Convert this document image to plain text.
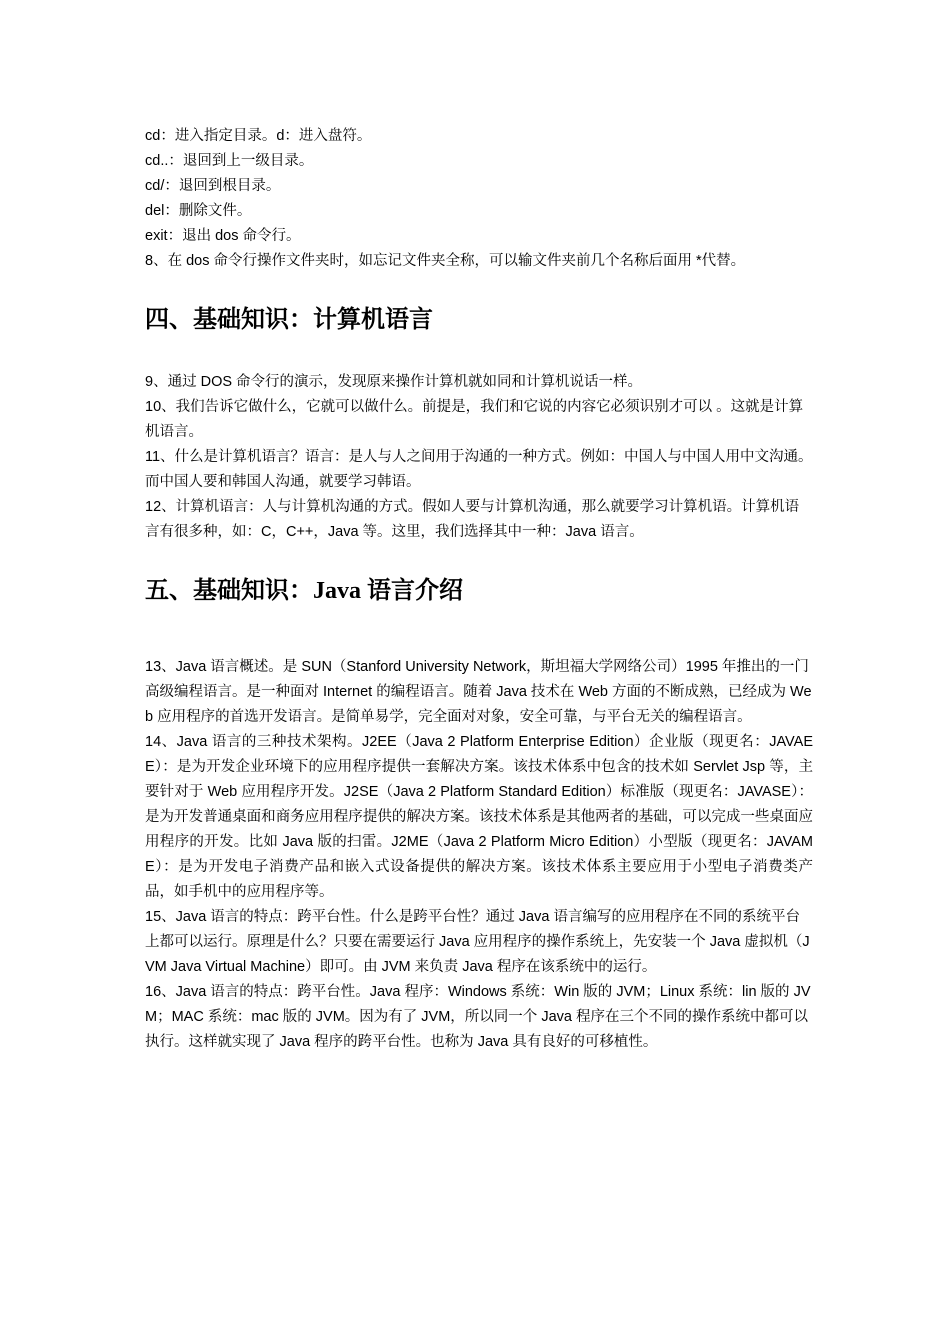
cd：进入指定目录。d：进入盘符。

cd..：退回到上一级目录。

cd/：退回到根目录。

del：删除文件。

exit：退出 dos 命令行。

8、在 dos 命令行操作文件夹时，如忘记文件夹全称，可以输文件夹前几个名称后面用 *代替。

四、基础知识：计算机语言

9、通过 DOS 命令行的演示，发现原来操作计算机就如同和计算机说话一样。

10、我们告诉它做什么，它就可以做什么。前提是，我们和它说的内容它必须识别才可以 。这就是计算机语言。

11、什么是计算机语言？语言：是人与人之间用于沟通的一种方式。例如：中国人与中国人用中文沟通。而中国人要和韩国人沟通，就要学习韩语。

12、计算机语言：人与计算机沟通的方式。假如人要与计算机沟通，那么就要学习计算机语。计算机语言有很多种，如：C，C++，Java 等。这里，我们选择其中一种：Java 语言。

五、基础知识：Java 语言介绍

13、Java 语言概述。是 SUN（Stanford University Network，斯坦福大学网络公司）1995 年推出的一门高级编程语言。是一种面对 Internet 的编程语言。随着 Java 技术在 Web 方面的不断成熟，已经成为 Web 应用程序的首选开发语言。是简单易学，完全面对对象，安全可靠，与平台无关的编程语言。

14、Java 语言的三种技术架构。J2EE（Java 2 Platform Enterprise Edition）企业版（现更名：JAVAEE）：是为开发企业环境下的应用程序提供一套解决方案。该技术体系中包含的技术如 Servlet Jsp 等，主要针对于 Web 应用程序开发。J2SE（Java 2 Platform Standard Edition）标准版（现更名：JAVASE）：是为开发普通桌面和商务应用程序提供的解决方案。该技术体系是其他两者的基础，可以完成一些桌面应用程序的开发。比如 Java 版的扫雷。J2ME（Java 2 Platform Micro Edition）小型版（现更名：JAVAME）：是为开发电子消费产品和嵌入式设备提供的解决方案。该技术体系主要应用于小型电子消费类产品，如手机中的应用程序等。

15、Java 语言的特点：跨平台性。什么是跨平台性？通过 Java 语言编写的应用程序在不同的系统平台上都可以运行。原理是什么？只要在需要运行 Java 应用程序的操作系统上，先安装一个 Java 虚拟机（JVM Java Virtual Machine）即可。由 JVM 来负责 Java 程序在该系统中的运行。

16、Java 语言的特点：跨平台性。Java 程序：Windows 系统：Win 版的 JVM；Linux 系统：lin 版的 JVM；MAC 系统：mac 版的 JVM。因为有了 JVM，所以同一个 Java 程序在三个不同的操作系统中都可以执行。这样就实现了 Java 程序的跨平台性。也称为 Java 具有良好的可移植性。
